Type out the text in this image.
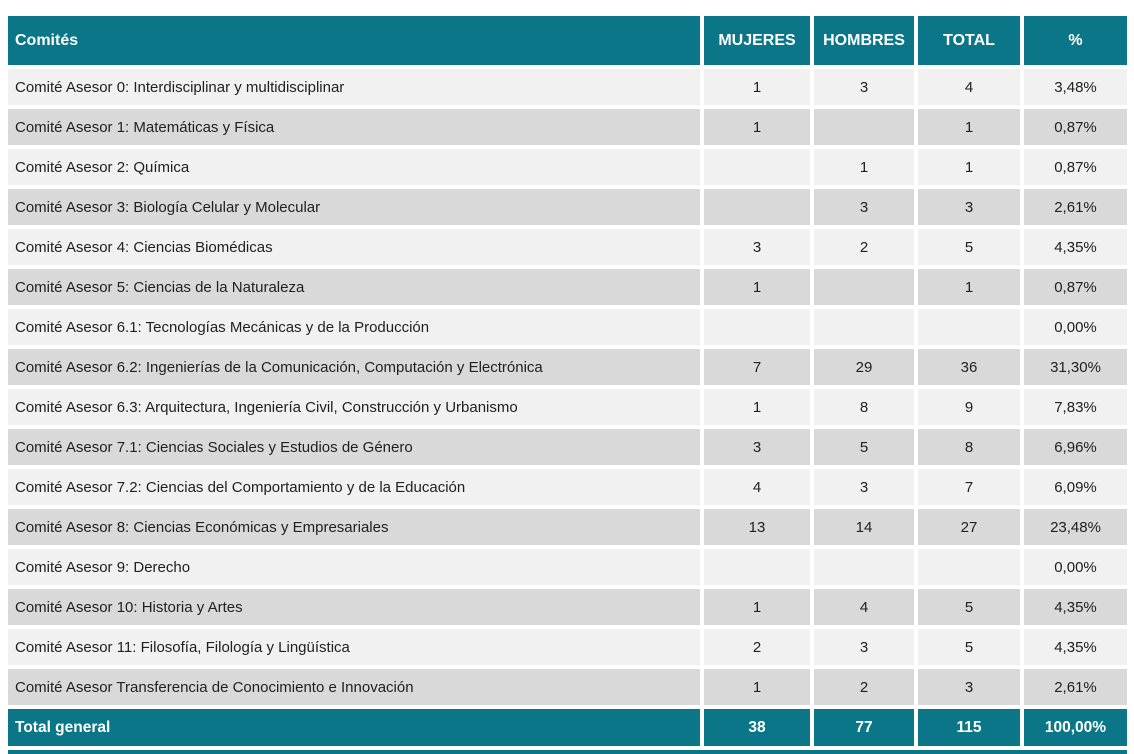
Comités	MUJERES	HOMBRES	TOTAL	%
Comité Asesor 0: Interdisciplinar y multidisciplinar	1	3	4	3,48%
Comité Asesor 1: Matemáticas y Física	1		1	0,87%
Comité Asesor 2: Química		1	1	0,87%
Comité Asesor 3: Biología Celular y Molecular		3	3	2,61%
Comité Asesor 4: Ciencias Biomédicas	3	2	5	4,35%
Comité Asesor 5: Ciencias de la Naturaleza	1		1	0,87%
Comité Asesor 6.1: Tecnologías Mecánicas y de la Producción				0,00%
Comité Asesor 6.2: Ingenierías de la Comunicación, Computación y Electrónica	7	29	36	31,30%
Comité Asesor 6.3: Arquitectura, Ingeniería Civil, Construcción y Urbanismo	1	8	9	7,83%
Comité Asesor 7.1: Ciencias Sociales y Estudios de Género	3	5	8	6,96%
Comité Asesor 7.2: Ciencias del Comportamiento y de la Educación	4	3	7	6,09%
Comité Asesor 8: Ciencias Económicas y Empresariales	13	14	27	23,48%
Comité Asesor 9: Derecho				0,00%
Comité Asesor 10: Historia y Artes	1	4	5	4,35%
Comité Asesor 11: Filosofía, Filología y Lingüística	2	3	5	4,35%
Comité Asesor Transferencia de Conocimiento e Innovación	1	2	3	2,61%
Total general	38	77	115	100,00%
